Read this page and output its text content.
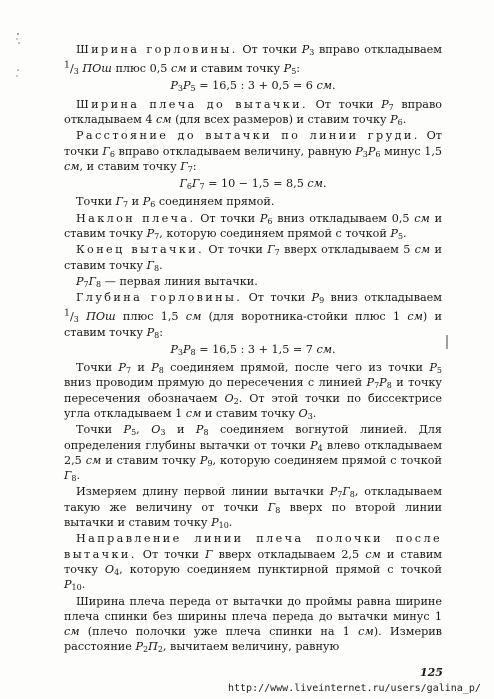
Ширина горловины. От точки $P_3$ вправо откладываем $^1/_3$ ПОш плюс 0,5 см и ставим точку $P_5$:

$P_3P_5 = 16,5$ : 3 + 0,5 = 6 см.

Ширина плеча до вытачки. От точки $P_7$ вправо откладываем 4 см (для всех размеров) и ставим точку $P_6$.

Расстояние до вытачки по линии груди. От точки $Г_6$ вправо откладываем величину, равную $P_3P_6$ минус 1,5 см, и ставим точку $Г_7$:

$Г_6Г_7 = 10 - 1,5 = 8,5$ см.

Точки $Г_7$ и $P_6$ соединяем прямой.

Наклон плеча. От точки $P_6$ вниз откладываем 0,5 см и ставим точку $P_7$, которую соединяем прямой с точкой $P_5$.

Конец вытачки. От точки $Г_7$ вверх откладываем 5 см и ставим точку $Г_8$.

$P_7Г_8$ — первая линия вытачки.

Глубина горловины. От точки $P_9$ вниз откладываем $^1/_3$ ПОш плюс 1,5 см (для воротника-стойки плюс 1 см) и ставим точку $P_8$:

$P_3P_8 = 16,5$ : 3 + 1,5 = 7 см.

Точки $P_7$ и $P_8$ соединяем прямой, после чего из точки $P_5$ вниз проводим прямую до пересечения с линией $P_7P_8$ и точку пересечения обозначаем $O_2$. От этой точки по биссектрисе угла откладываем 1 см и ставим точку $O_3$.

Точки $P_5$, $O_3$ и $P_8$ соединяем вогнутой линией. Для определения глубины вытачки от точки $P_4$ влево откладываем 2,5 см и ставим точку $P_9$, которую соединяем прямой с точкой $Г_8$.

Измеряем длину первой линии вытачки $P_7Г_8$, откладываем такую же величину от точки $Г_8$ вверх по второй линии вытачки и ставим точку $P_{10}$.

Направление линии плеча полочки после вытачки. От точки Г вверх откладываем 2,5 см и ставим точку $O_4$, которую соединяем пунктирной прямой с точкой $P_{10}$.

Ширина плеча переда от вытачки до проймы равна ширине плеча спинки без ширины плеча переда до вытачки минус 1 см (плечо полочки уже плеча спинки на 1 см). Измерив расстояние $P_2П_2$, вычитаем величину, равную

125
http://www.liveinternet.ru/users/galina_p/
